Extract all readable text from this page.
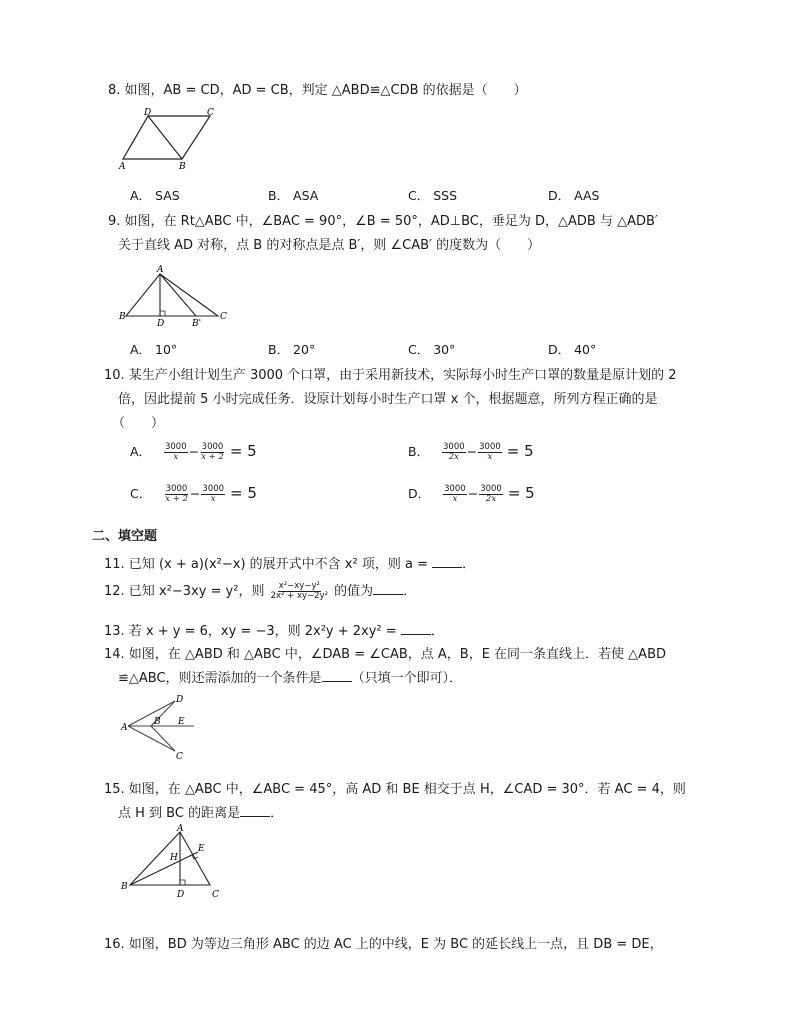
8. 如图，AB = CD，AD = CB，判定 △ABD≌△CDB 的依据是（　　）
D	C
A	B
A． SAS	B． ASA	C． SSS	D． AAS
9. 如图，在 Rt△ABC 中，∠BAC = 90°，∠B = 50°，AD⊥BC，垂足为 D，△ADB 与 △ADB′
关于直线 AD 对称，点 B 的对称点是点 B′，则 ∠CAB′ 的度数为（　　）
A
B
D	B'
C
A． 10°	B． 20°	C． 30°	D． 40°
10. 某生产小组计划生产 3000 个口罩，由于采用新技术，实际每小时生产口罩的数量是原计划的 2
倍，因此提前 5 小时完成任务．设原计划每小时生产口罩 x 个，根据题意，所列方程正确的是
（　　）
A． $\frac{3000}{x} - \frac{3000}{x + 2} = 5$	B． $\frac{3000}{2x} - \frac{3000}{x} = 5$
C． $\frac{3000}{x + 2} - \frac{3000}{x} = 5$	D． $\frac{3000}{x} - \frac{3000}{2x} = 5$
二、填空题
11. 已知 (x + a)(x²−x) 的展开式中不含 x² 项，则 a =	．
12. 已知 x²−3xy = y²，则 $\frac{\text{x²−xy−y²}}{\text{2x² + xy−2y²}}$ 的值为 ．
13. 若 x + y = 6，xy = −3，则 2x²y + 2xy² =	．
14. 如图，在 △ABD 和 △ABC 中，∠DAB = ∠CAB，点 A，B，E 在同一条直线上．若使 △ABD
≌△ABC，则还需添加的一个条件是 （只填一个即可）．
D
A
B E
C
15. 如图，在 △ABC 中，∠ABC = 45°，高 AD 和 BE 相交于点 H，∠CAD = 30°．若 AC = 4，则
点 H 到 BC 的距离是 ．
A
H
E
B
D	C
16. 如图，BD 为等边三角形 ABC 的边 AC 上的中线，E 为 BC 的延长线上一点，且 DB = DE，
